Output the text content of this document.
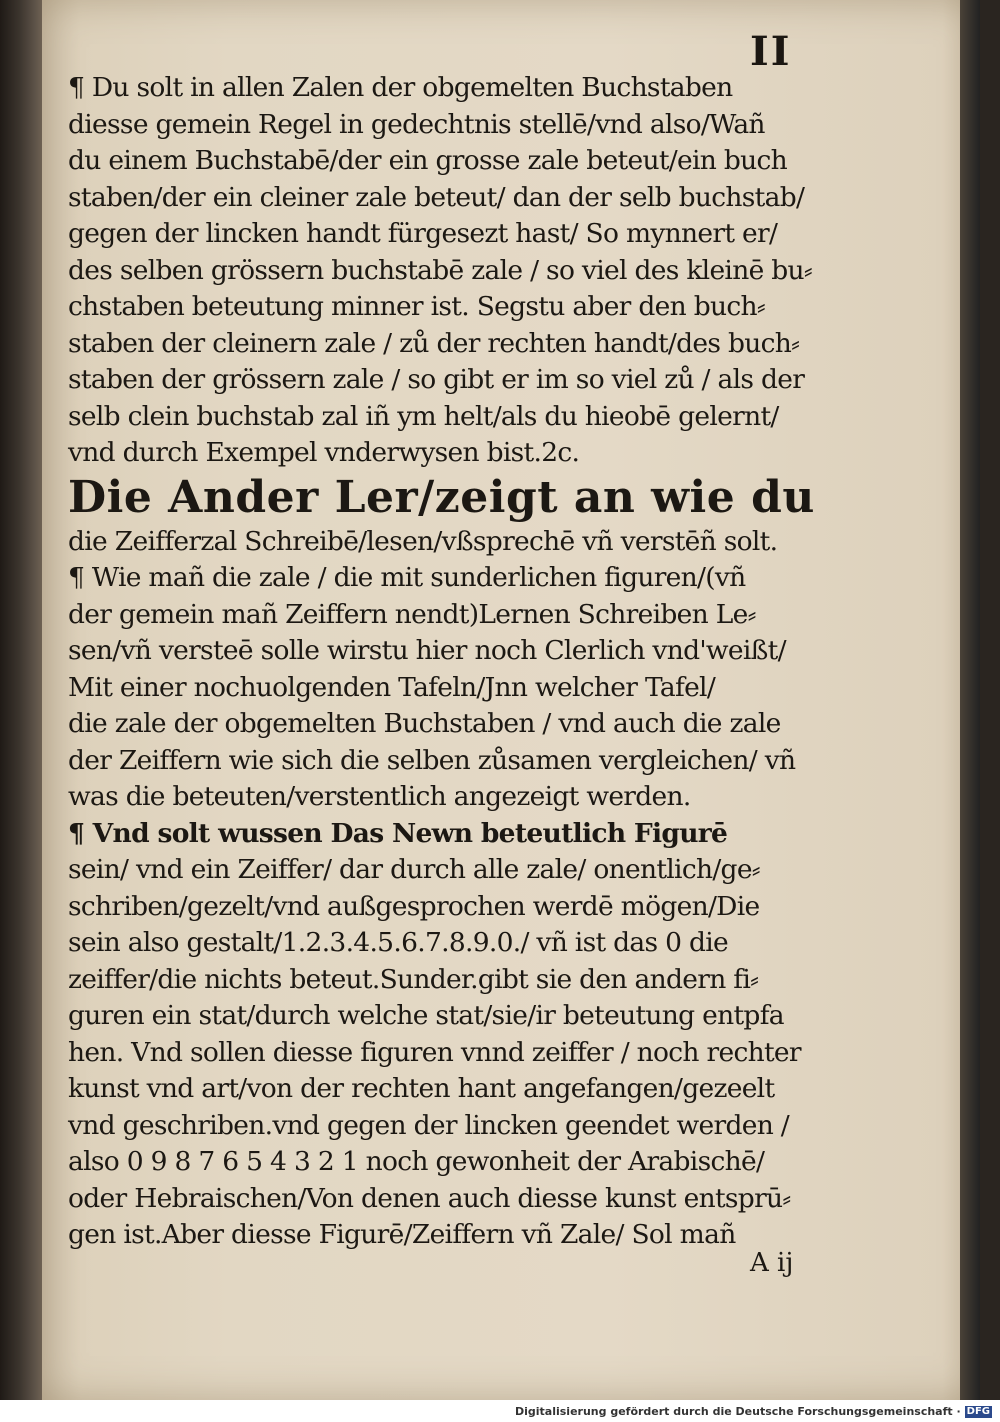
II
¶ Du solt in allen Zalen der obgemelten Buchstaben
diesse gemein Regel in gedechtnis stellē/vnd also/Wañ
du einem Buchstabē/der ein grosse zale beteut/ein buch
staben/der ein cleiner zale beteut/ dan der selb buchstab/
gegen der lincken handt fürgesezt hast/ So mynnert er/
des selben grössern buchstabē zale / so viel des kleinē bu⸗
chstaben beteutung minner ist. Segstu aber den buch⸗
staben der cleinern zale / zů der rechten handt/des buch⸗
staben der grössern zale / so gibt er im so viel zů / als der
selb clein buchstab zal iñ ym helt/als du hieobē gelernt/
vnd durch Exempel vnderwysen bist.2c.
Die Ander Ler/zeigt an wie du
die Zeifferzal Schreibē/lesen/vßsprechē vñ verstēñ solt.
¶ Wie mañ die zale / die mit sunderlichen figuren/(vñ
der gemein mañ Zeiffern nendt)Lernen Schreiben Le⸗
sen/vñ versteē solle wirstu hier noch Clerlich vnd'weißt/
Mit einer nochuolgenden Tafeln/Jnn welcher Tafel/
die zale der obgemelten Buchstaben / vnd auch die zale
der Zeiffern wie sich die selben zůsamen vergleichen/ vñ
was die beteuten/verstentlich angezeigt werden.
¶ Vnd solt wussen Das Newn beteutlich Figurē
sein/ vnd ein Zeiffer/ dar durch alle zale/ onentlich/ge⸗
schriben/gezelt/vnd außgesprochen werdē mögen/Die
sein also gestalt/1.2.3.4.5.6.7.8.9.0./ vñ ist das 0 die
zeiffer/die nichts beteut.Sunder.gibt sie den andern fi⸗
guren ein stat/durch welche stat/sie/ir beteutung entpfa
hen. Vnd sollen diesse figuren vnnd zeiffer / noch rechter
kunst vnd art/von der rechten hant angefangen/gezeelt
vnd geschriben.vnd gegen der lincken geendet werden /
also 0 9 8 7 6 5 4 3 2 1 noch gewonheit der Arabischē/
oder Hebraischen/Von denen auch diesse kunst entsprū⸗
gen ist.Aber diesse Figurē/Zeiffern vñ Zale/ Sol mañ
A ij
Digitalisierung gefördert durch die Deutsche Forschungsgemeinschaft · DFG
